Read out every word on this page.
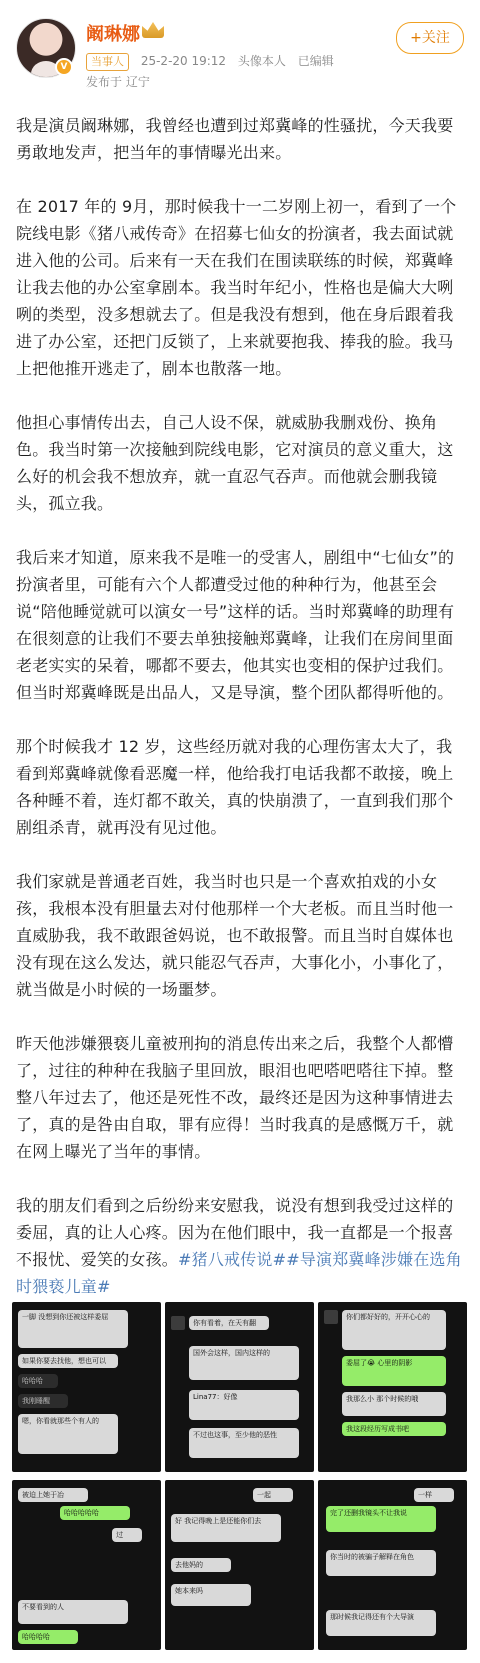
V
阚琳娜
当事人 25-2-20 19:12 头像本人 已编辑
发布于 辽宁
+关注

我是演员阚琳娜，我曾经也遭到过郑冀峰的性骚扰，今天我要勇敢地发声，把当年的事情曝光出来。

在 2017 年的 9月，那时候我十一二岁刚上初一，看到了一个院线电影《猪八戒传奇》在招募七仙女的扮演者，我去面试就进入他的公司。后来有一天在我们在围读联练的时候，郑冀峰让我去他的办公室拿剧本。我当时年纪小，性格也是偏大大咧咧的类型，没多想就去了。但是我没有想到，他在身后跟着我进了办公室，还把门反锁了，上来就要抱我、捧我的脸。我马上把他推开逃走了，剧本也散落一地。

他担心事情传出去，自己人设不保，就威胁我删戏份、换角色。我当时第一次接触到院线电影，它对演员的意义重大，这么好的机会我不想放弃，就一直忍气吞声。而他就会删我镜头，孤立我。

我后来才知道，原来我不是唯一的受害人，剧组中“七仙女”的扮演者里，可能有六个人都遭受过他的种种行为，他甚至会说“陪他睡觉就可以演女一号”这样的话。当时郑冀峰的助理有在很刻意的让我们不要去单独接触郑冀峰，让我们在房间里面老老实实的呆着，哪都不要去，他其实也变相的保护过我们。但当时郑冀峰既是出品人，又是导演，整个团队都得听他的。

那个时候我才 12 岁，这些经历就对我的心理伤害太大了，我看到郑冀峰就像看恶魔一样，他给我打电话我都不敢接，晚上各种睡不着，连灯都不敢关，真的快崩溃了，一直到我们那个剧组杀青，就再没有见过他。

我们家就是普通老百姓，我当时也只是一个喜欢拍戏的小女孩，我根本没有胆量去对付他那样一个大老板。而且当时他一直威胁我，我不敢跟爸妈说，也不敢报警。而且当时自媒体也没有现在这么发达，就只能忍气吞声，大事化小，小事化了，就当做是小时候的一场噩梦。

昨天他涉嫌猥亵儿童被刑拘的消息传出来之后，我整个人都懵了，过往的种种在我脑子里回放，眼泪也吧嗒吧嗒往下掉。整整八年过去了，他还是死性不改，最终还是因为这种事情进去了，真的是咎由自取，罪有应得！当时我真的是感慨万千，就在网上曝光了当年的事情。

我的朋友们看到之后纷纷来安慰我，说没有想到我受过这样的委屈，真的让人心疼。因为在他们眼中，我一直都是一个报喜不报忧、爱笑的女孩。#猪八戒传说##导演郑冀峰涉嫌在选角时猥亵儿童#

一脚 没想到你还被这样委屈
如果你要去找他，想也可以
哈哈哈
我刚睡醒
嗯，你看就那些个有人的
你有看着，在天有翻
国外会这样，国内这样的
Lina77：好像
不过也这事，至少他的恶性
你们都好好的，开开心心的
委屈了😭 心里的阴影
我那么小 那个时候的哦
我这段经历写成书吧
被迫上她于冶
哈哈哈哈哈
过
不要看到的人
哈哈哈哈
一起
好 我记得晚上是还能你们去
去他妈的
她本来吗
一样
完了还删我镜头不让我说
你当时的被骗子解释在角色
那时候我记得还有个大导演
